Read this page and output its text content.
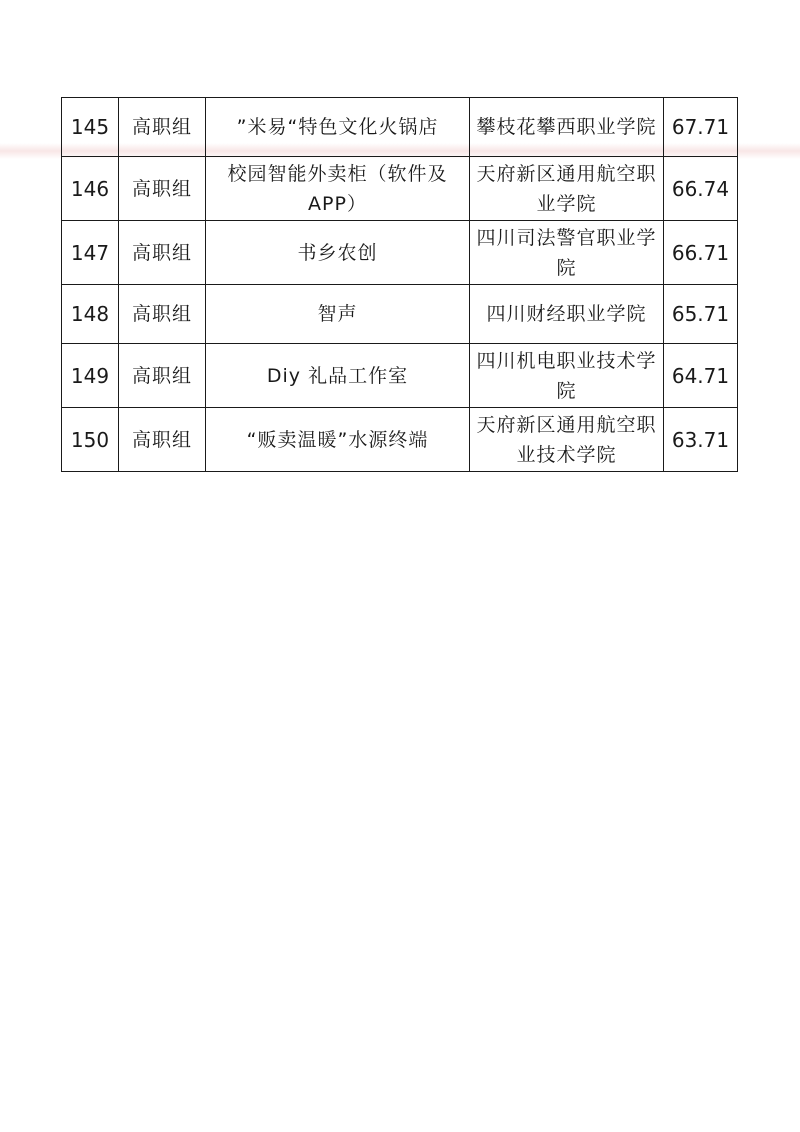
145	高职组	”米易“特色文化火锅店	攀枝花攀西职业学院	67.71
146	高职组	校园智能外卖柜（软件及APP）	天府新区通用航空职业学院	66.74
147	高职组	书乡农创	四川司法警官职业学院	66.71
148	高职组	智声	四川财经职业学院	65.71
149	高职组	Diy 礼品工作室	四川机电职业技术学院	64.71
150	高职组	“贩卖温暖”水源终端	天府新区通用航空职业技术学院	63.71
